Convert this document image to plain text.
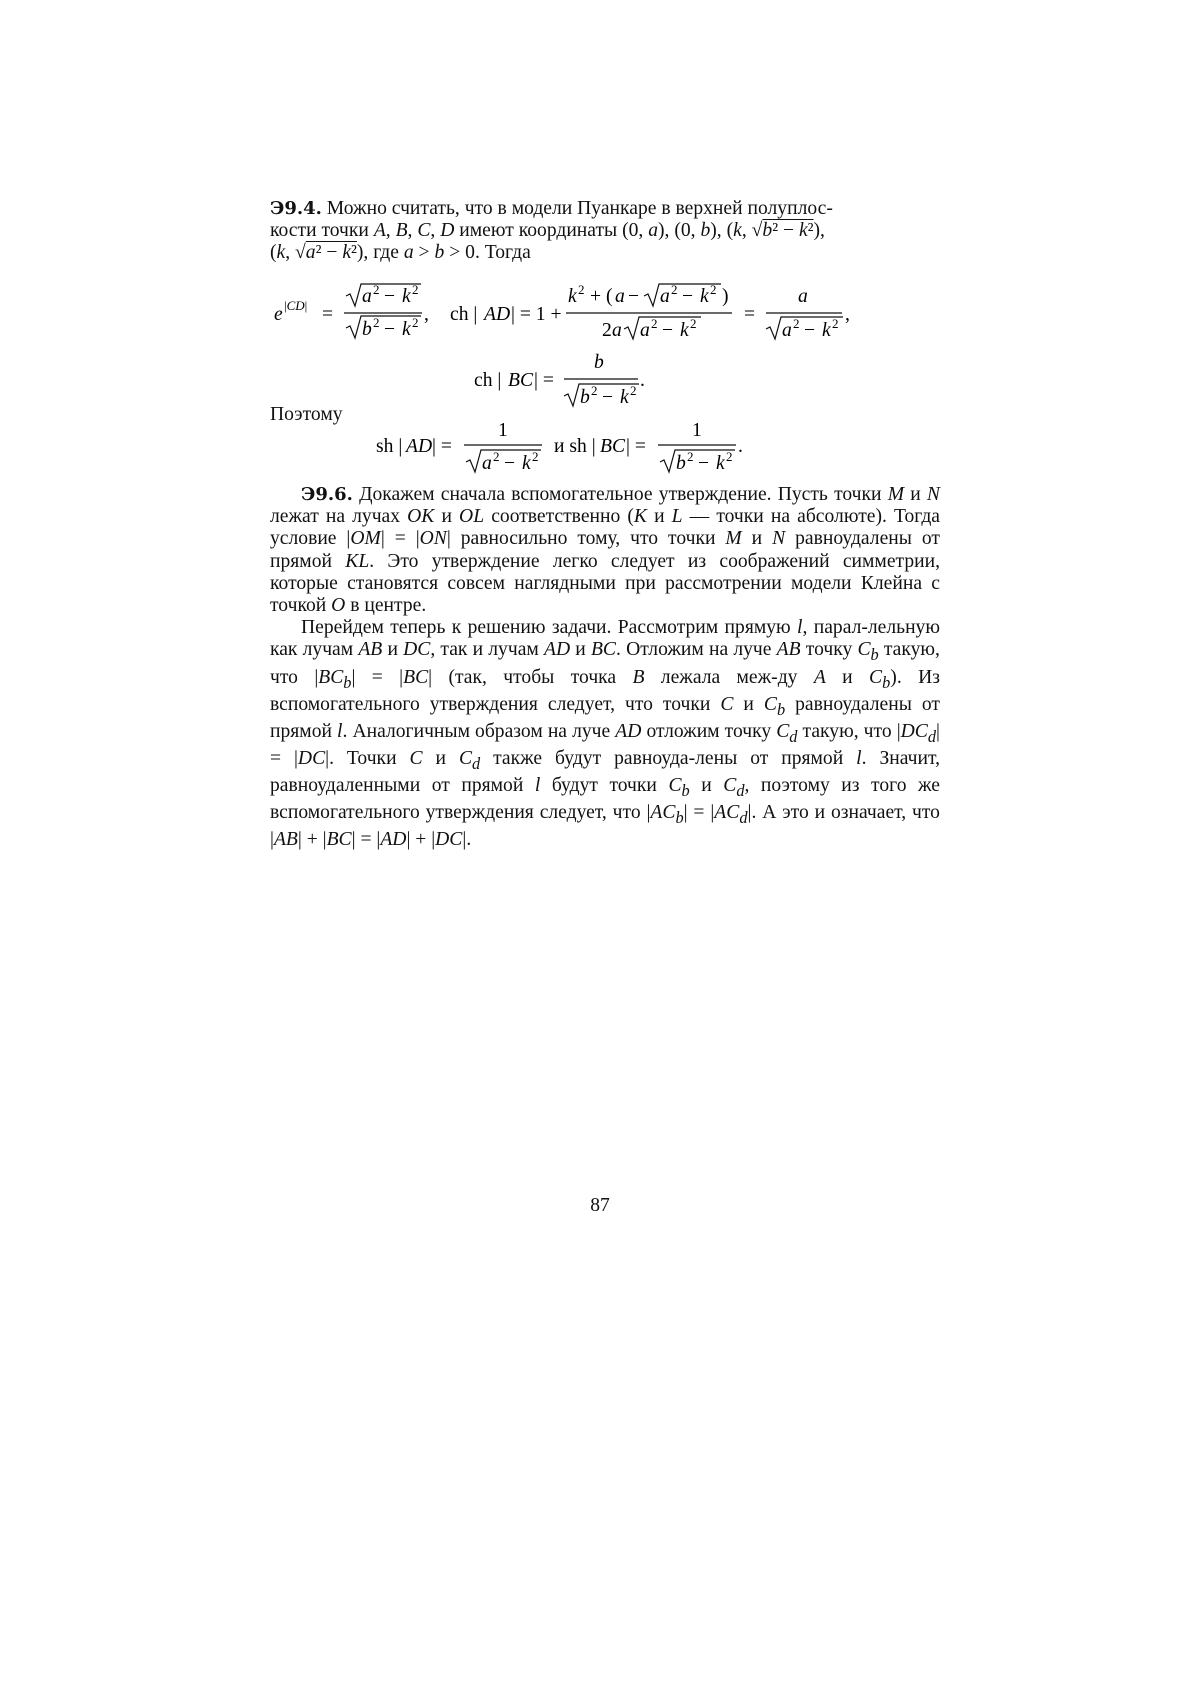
Э9.4. Можно считать, что в модели Пуанкаре в верхней полуплос-

кости точки A, B, C, D имеют координаты (0, a), (0, b), (k, √b² − k²),

(k, √a² − k²), где a > b > 0. Тогда

e |CD| =
a 2 − k 2
b 2 − k 2 , ch | AD | = 1 +
k 2 + ( a − a 2 − k 2 )
2 a a 2 − k 2 =
a
a 2 − k 2 ,
ch | BC | =
b
b 2 − k 2 .

Поэтому

sh | AD | =
1
a 2 − k 2 и sh | BC | =
1
b 2 − k 2 .

Э9.6. Докажем сначала вспомогательное утверждение. Пусть точки M и N лежат на лучах OK и OL соответственно (K и L — точки на абсолюте). Тогда условие |OM| = |ON| равносильно тому, что точки M и N равноудалены от прямой KL. Это утверждение легко следует из соображений симметрии, которые становятся совсем наглядными при рассмотрении модели Клейна с точкой O в центре.

Перейдем теперь к решению задачи. Рассмотрим прямую l, парал-лельную как лучам AB и DC, так и лучам AD и BC. Отложим на луче AB точку $C_b$ такую, что $|BC_b| = |BC|$ (так, чтобы точка B лежала меж-ду A и $C_b$). Из вспомогательного утверждения следует, что точки C и $C_b$ равноудалены от прямой l. Аналогичным образом на луче AD отложим точку $C_d$ такую, что $|DC_d| = |DC|$. Точки C и $C_d$ также будут равноуда-лены от прямой l. Значит, равноудаленными от прямой l будут точки $C_b$ и $C_d$, поэтому из того же вспомогательного утверждения следует, что $|AC_b| = |AC_d|$. А это и означает, что |AB| + |BC| = |AD| + |DC|.

87
